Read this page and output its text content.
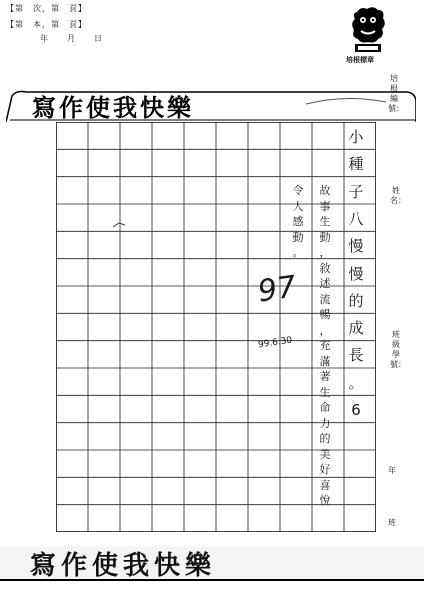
【第　次，第　頁】
【第　本，第　頁】
年　　月　　日
培根標章
寫作使我快樂
培根編號：
姓名：
班級學號：
年
班
小
種
子
八
慢
慢
的
成
長
。
6
故
事
生
動
，
敘
述
流
暢
，
充
滿
著
生
命
力
的
美
好
喜
悅
令
人
感
動
。
97
99.6.30
寫作使我快樂
